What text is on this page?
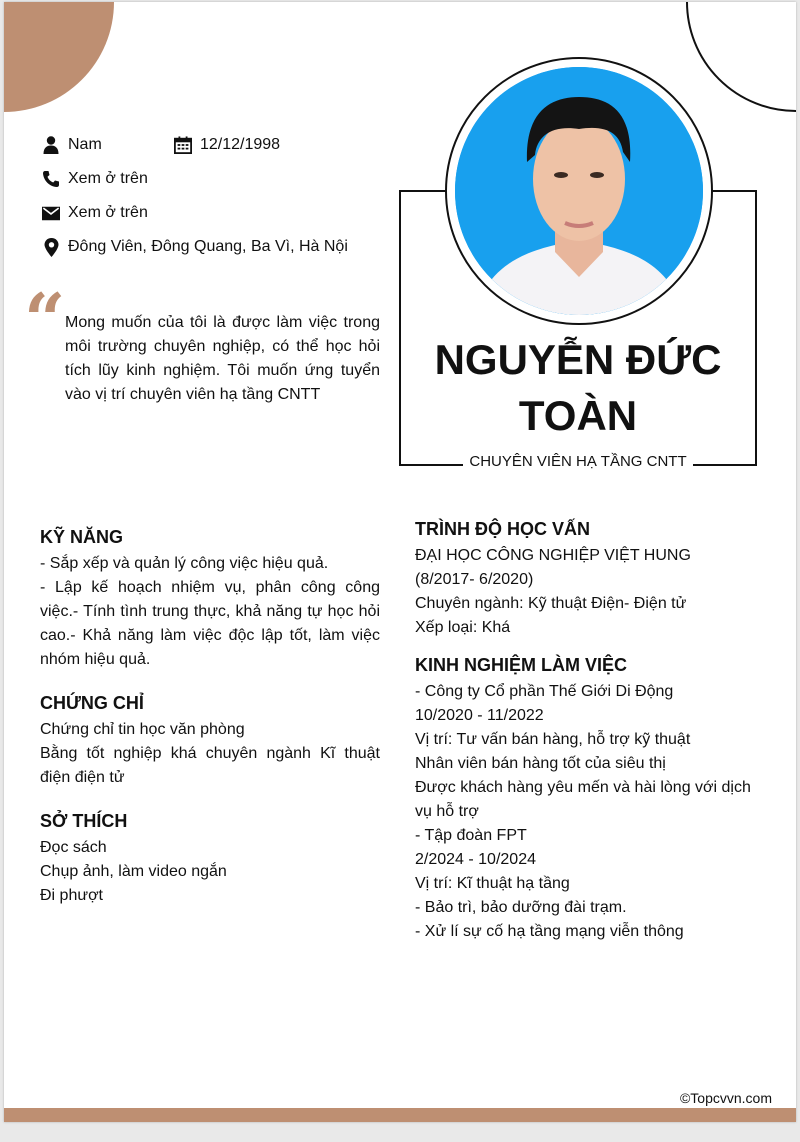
Nam	12/12/1998
Xem ở trên
Xem ở trên
Đông Viên, Đông Quang, Ba Vì, Hà Nội
“ Mong muốn của tôi là được làm việc trong môi trường chuyên nghiệp, có thể học hỏi tích lũy kinh nghiệm. Tôi muốn ứng tuyển vào vị trí chuyên viên hạ tầng CNTT
NGUYỄN ĐỨC
TOÀN
CHUYÊN VIÊN HẠ TẦNG CNTT
KỸ NĂNG
- Sắp xếp và quản lý công việc hiệu quả.
- Lập kế hoạch nhiệm vụ, phân công công việc.- Tính tình trung thực, khả năng tự học hỏi cao.- Khả năng làm việc độc lập tốt, làm việc nhóm hiệu quả.
CHỨNG CHỈ
Chứng chỉ tin học văn phòng
Bằng tốt nghiệp khá chuyên ngành Kĩ thuật điện điện tử
SỞ THÍCH
Đọc sách
Chụp ảnh, làm video ngắn
Đi phượt
TRÌNH ĐỘ HỌC VẤN
ĐẠI HỌC CÔNG NGHIỆP VIỆT HUNG
(8/2017- 6/2020)
Chuyên ngành: Kỹ thuật Điện- Điện tử
Xếp loại: Khá
KINH NGHIỆM LÀM VIỆC
- Công ty Cổ phần Thế Giới Di Động
10/2020 - 11/2022
Vị trí: Tư vấn bán hàng, hỗ trợ kỹ thuật
Nhân viên bán hàng tốt của siêu thị
Được khách hàng yêu mến và hài lòng với dịch vụ hỗ trợ
- Tập đoàn FPT
2/2024 - 10/2024
Vị trí: Kĩ thuật hạ tầng
- Bảo trì, bảo dưỡng đài trạm.
- Xử lí sự cố hạ tầng mạng viễn thông
©Topcvvn.com
